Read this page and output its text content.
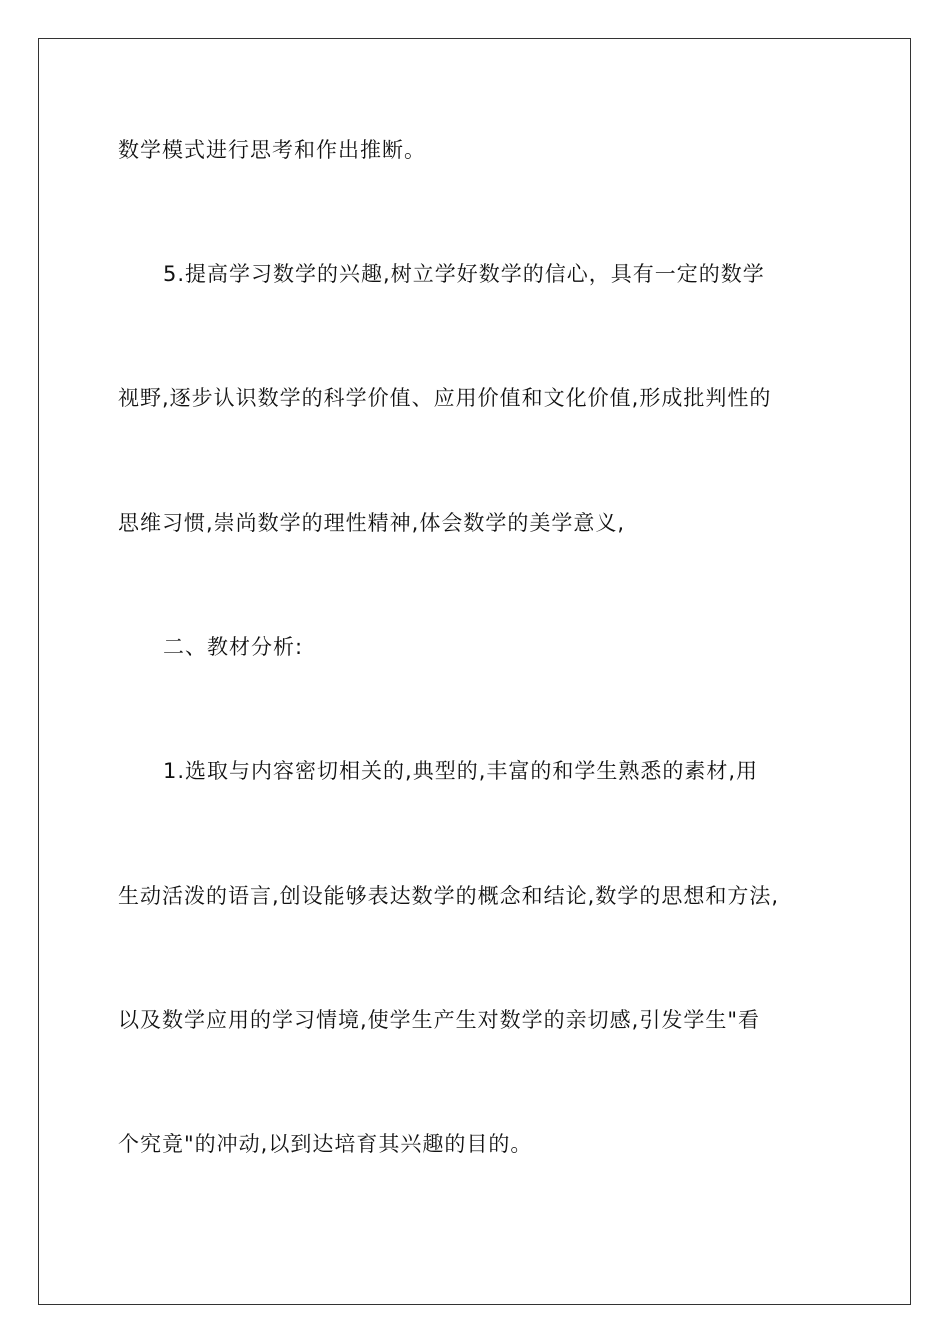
数学模式进行思考和作出推断。
5.提高学习数学的兴趣,树立学好数学的信心，具有一定的数学
视野,逐步认识数学的科学价值、应用价值和文化价值,形成批判性的
思维习惯,崇尚数学的理性精神,体会数学的美学意义,
二、教材分析:
1.选取与内容密切相关的,典型的,丰富的和学生熟悉的素材,用
生动活泼的语言,创设能够表达数学的概念和结论,数学的思想和方法,
以及数学应用的学习情境,使学生产生对数学的亲切感,引发学生"看
个究竟"的冲动,以到达培育其兴趣的目的。
